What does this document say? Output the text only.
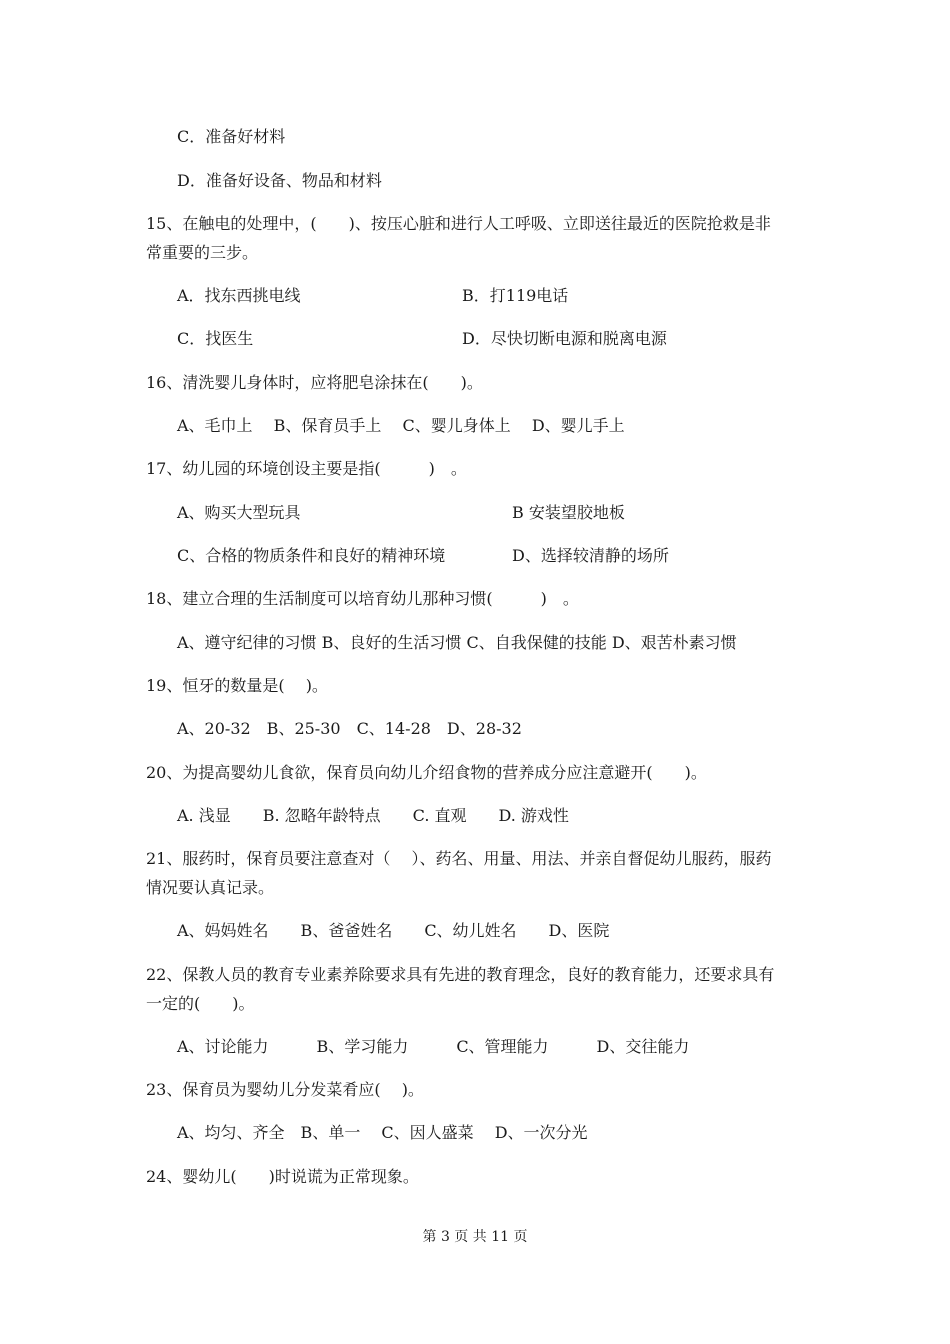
C．准备好材料
D．准备好设备、物品和材料
15、在触电的处理中，(　　)、按压心脏和进行人工呼吸、立即送往最近的医院抢救是非
常重要的三步。
A．找东西挑电线	B．打119电话
C．找医生	D．尽快切断电源和脱离电源
16、清洗婴儿身体时，应将肥皂涂抹在(　　)。
A、毛巾上　 B、保育员手上　 C、婴儿身体上　 D、婴儿手上
17、幼儿园的环境创设主要是指(　　　)　。
A、购买大型玩具	B 安装望胶地板
C、合格的物质条件和良好的精神环境	D、选择较清静的场所
18、建立合理的生活制度可以培育幼儿那种习惯(　　　)　。
A、遵守纪律的习惯 B、良好的生活习惯 C、自我保健的技能 D、艰苦朴素习惯
19、恒牙的数量是(　 )。
A、20-32　B、25-30　C、14-28　D、28-32
20、为提高婴幼儿食欲，保育员向幼儿介绍食物的营养成分应注意避开(　　)。
A. 浅显　　B. 忽略年龄特点　　C. 直观　　D. 游戏性
21、服药时，保育员要注意查对（　 ）、药名、用量、用法、并亲自督促幼儿服药，服药
情况要认真记录。
A、妈妈姓名　　B、爸爸姓名　　C、幼儿姓名　　D、医院
22、保教人员的教育专业素养除要求具有先进的教育理念，良好的教育能力，还要求具有
一定的(　　)。
A、讨论能力　　　B、学习能力　　　C、管理能力　　　D、交往能力
23、保育员为婴幼儿分发菜肴应(　 )。
A、均匀、齐全　B、单一　 C、因人盛菜　 D、一次分光
24、婴幼儿(　　)时说谎为正常现象。
第 3 页 共 11 页
